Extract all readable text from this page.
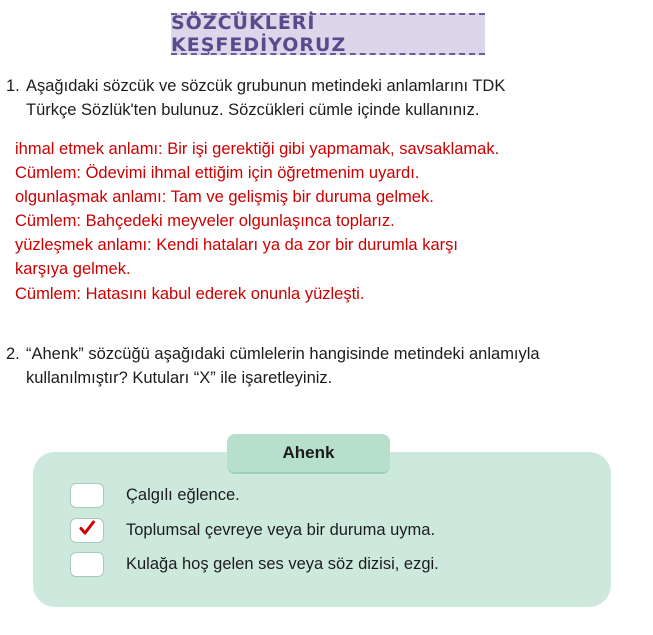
SÖZCÜKLERİ KEŞFEDİYORUZ
1. Aşağıdaki sözcük ve sözcük grubunun metindeki anlamlarını TDK
Türkçe Sözlük'ten bulunuz. Sözcükleri cümle içinde kullanınız.
ihmal etmek anlamı: Bir işi gerektiği gibi yapmamak, savsaklamak.
Cümlem: Ödevimi ihmal ettiğim için öğretmenim uyardı.
olgunlaşmak anlamı: Tam ve gelişmiş bir duruma gelmek.
Cümlem: Bahçedeki meyveler olgunlaşınca toplarız.
yüzleşmek anlamı: Kendi hataları ya da zor bir durumla karşı
karşıya gelmek.
Cümlem: Hatasını kabul ederek onunla yüzleşti.
2. “Ahenk” sözcüğü aşağıdaki cümlelerin hangisinde metindeki anlamıyla
kullanılmıştır? Kutuları “X” ile işaretleyiniz.
Ahenk
Çalgılı eğlence.
Toplumsal çevreye veya bir duruma uyma.
Kulağa hoş gelen ses veya söz dizisi, ezgi.
